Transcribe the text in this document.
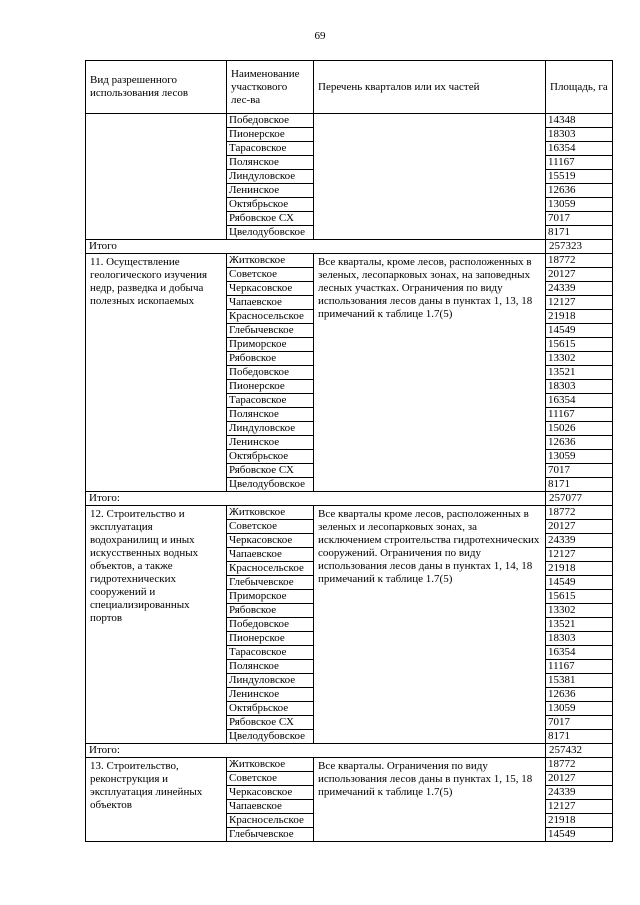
69
Вид разрешенного использования лесов	Наименование участкового лес-ва	Перечень кварталов или их частей	Площадь, га
	Победовское		14348
	Пионерское		18303
	Тарасовское		16354
	Полянское		11167
	Линдуловское		15519
	Ленинское		12636
	Октябрьское		13059
	Рябовское СХ		7017
	Цвелодубовское		8171
Итого			257323
11. Осуществление геологического изучения недр, разведка и добыча полезных ископаемых	Житковское	Все кварталы, кроме лесов, расположенных в зеленых, лесопарковых зонах, на заповедных лесных участках. Ограничения по виду использования лесов даны в пунктах 1, 13, 18 примечаний к таблице 1.7(5)	18772
	Советское		20127
	Черкасовское		24339
	Чапаевское		12127
	Красносельское		21918
	Глебычевское		14549
	Приморское		15615
	Рябовское		13302
	Победовское		13521
	Пионерское		18303
	Тарасовское		16354
	Полянское		11167
	Линдуловское		15026
	Ленинское		12636
	Октябрьское		13059
	Рябовское СХ		7017
	Цвелодубовское		8171
Итого:			257077
12. Строительство и эксплуатация водохранилищ и иных искусственных водных объектов, а также гидротехнических сооружений и специализированных портов	Житковское	Все кварталы кроме лесов, расположенных в зеленых и лесопарковых зонах, за исключением строительства гидротехнических сооружений. Ограничения по виду использования лесов даны в пунктах 1, 14, 18 примечаний к таблице 1.7(5)	18772
	Советское		20127
	Черкасовское		24339
	Чапаевское		12127
	Красносельское		21918
	Глебычевское		14549
	Приморское		15615
	Рябовское		13302
	Победовское		13521
	Пионерское		18303
	Тарасовское		16354
	Полянское		11167
	Линдуловское		15381
	Ленинское		12636
	Октябрьское		13059
	Рябовское СХ		7017
	Цвелодубовское		8171
Итого:			257432
13. Строительство, реконструкция и эксплуатация линейных объектов	Житковское	Все кварталы. Ограничения по виду использования лесов даны в пунктах 1, 15, 18 примечаний к таблице 1.7(5)	18772
	Советское		20127
	Черкасовское		24339
	Чапаевское		12127
	Красносельское		21918
	Глебычевское		14549
